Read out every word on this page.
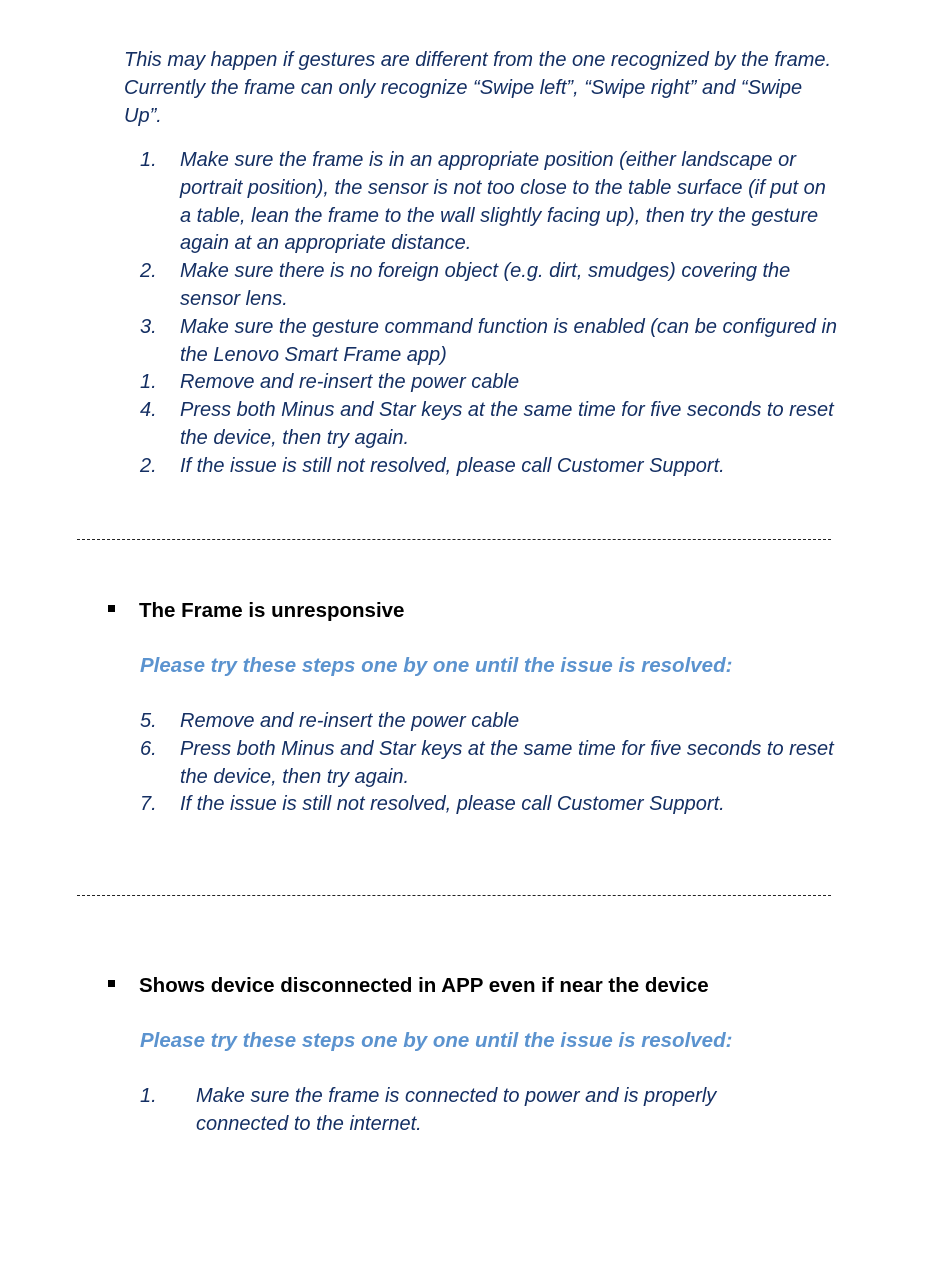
This may happen if gestures are different from the one recognized by the frame. Currently the frame can only recognize “Swipe left”, “Swipe right” and “Swipe Up”.

1. Make sure the frame is in an appropriate position (either landscape or portrait position), the sensor is not too close to the table surface (if put on a table, lean the frame to the wall slightly facing up), then try the gesture again at an appropriate distance.
2. Make sure there is no foreign object (e.g. dirt, smudges) covering the sensor lens.
3. Make sure the gesture command function is enabled (can be configured in the Lenovo Smart Frame app)
1. Remove and re-insert the power cable
4. Press both Minus and Star keys at the same time for five seconds to reset the device, then try again.
2. If the issue is still not resolved, please call Customer Support.
The Frame is unresponsive

Please try these steps one by one until the issue is resolved:

5. Remove and re-insert the power cable
6. Press both Minus and Star keys at the same time for five seconds to reset the device, then try again.
7. If the issue is still not resolved, please call Customer Support.
Shows device disconnected in APP even if near the device

Please try these steps one by one until the issue is resolved:

1. Make sure the frame is connected to power and is properly connected to the internet.
